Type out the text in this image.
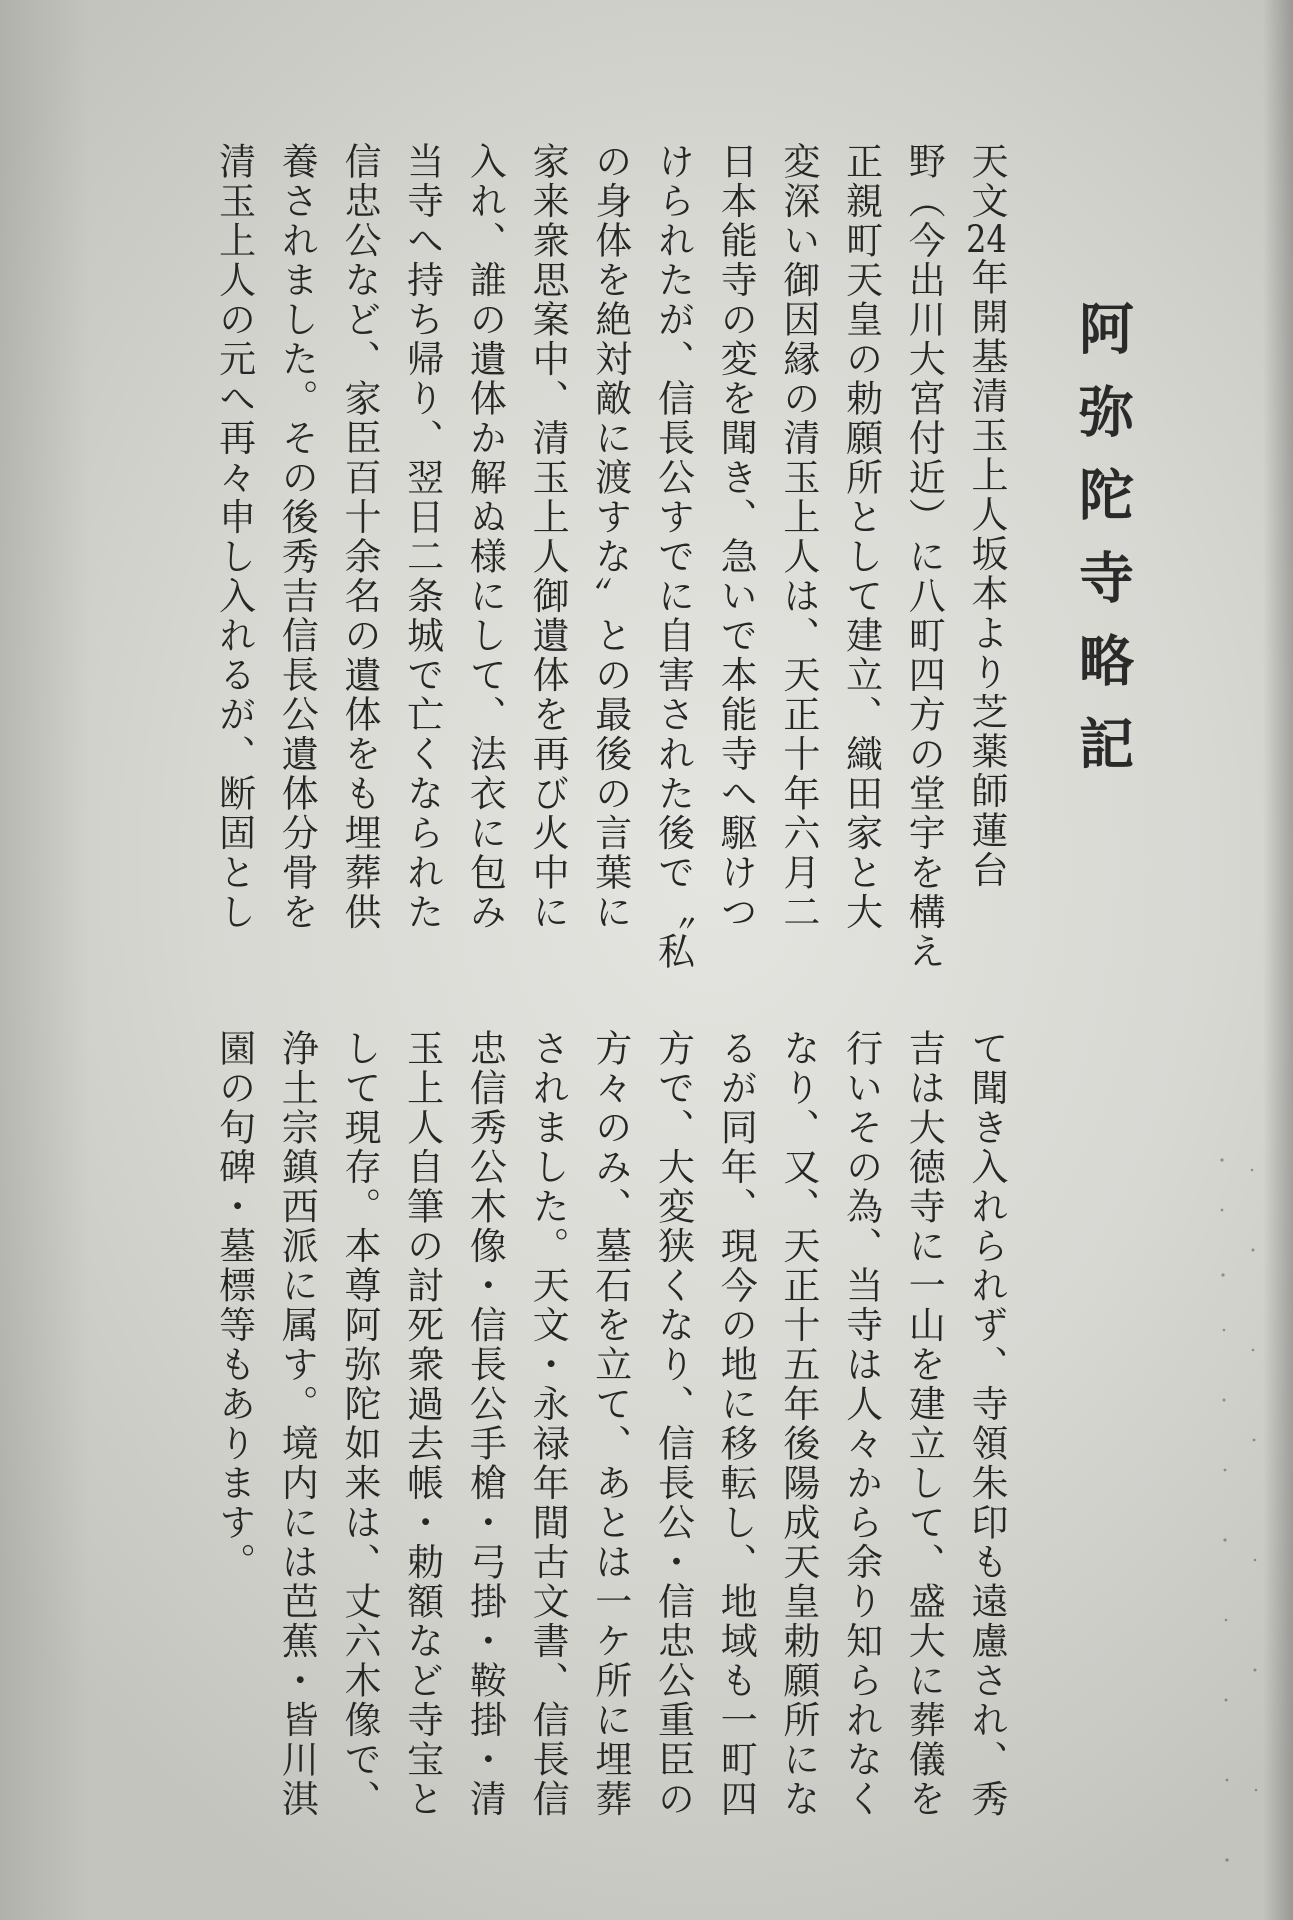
阿弥陀寺略記
天文24年開基清玉上人坂本より芝薬師蓮台
野（今出川大宮付近）に八町四方の堂宇を構え
正親町天皇の勅願所として建立、織田家と大
変深い御因縁の清玉上人は、天正十年六月二
日本能寺の変を聞き、急いで本能寺へ駆けつ
けられたが、信長公すでに自害された後で〝私
の身体を絶対敵に渡すな〟との最後の言葉に
家来衆思案中、清玉上人御遺体を再び火中に
入れ、誰の遺体か解ぬ様にして、法衣に包み
当寺へ持ち帰り、翌日二条城で亡くなられた
信忠公など、家臣百十余名の遺体をも埋葬供
養されました。その後秀吉信長公遺体分骨を
清玉上人の元へ再々申し入れるが、断固とし
て聞き入れられず、寺領朱印も遠慮され、秀
吉は大徳寺に一山を建立して、盛大に葬儀を
行いその為、当寺は人々から余り知られなく
なり、又、天正十五年後陽成天皇勅願所にな
るが同年、現今の地に移転し、地域も一町四
方で、大変狭くなり、信長公・信忠公重臣の
方々のみ、墓石を立て、あとは一ケ所に埋葬
されました。天文・永禄年間古文書、信長信
忠信秀公木像・信長公手槍・弓掛・鞍掛・清
玉上人自筆の討死衆過去帳・勅額など寺宝と
して現存。本尊阿弥陀如来は、丈六木像で、
浄土宗鎮西派に属す。境内には芭蕉・皆川淇
園の句碑・墓標等もあります。
